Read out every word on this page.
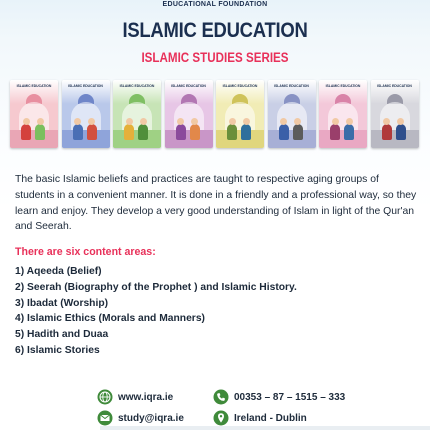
EDUCATIONAL FOUNDATION
ISLAMIC EDUCATION
ISLAMIC STUDIES SERIES
ISLAMIC EDUCATION	ISLAMIC EDUCATION	ISLAMIC EDUCATION	ISLAMIC EDUCATION	ISLAMIC EDUCATION	ISLAMIC EDUCATION	ISLAMIC EDUCATION	ISLAMIC EDUCATION
The basic Islamic beliefs and practices are taught to respective aging groups of students in a convenient manner. It is done in a friendly and a professional way, so they learn and enjoy. They develop a very good understanding of Islam in light of the Qur'an and Seerah.
There are six content areas:
1) Aqeeda (Belief)
2) Seerah (Biography of the Prophet ) and Islamic History.
3) Ibadat (Worship)
4) Islamic Ethics (Morals and Manners)
5) Hadith and Duaa
6) Islamic Stories
www.iqra.ie
study@iqra.ie
00353 – 87 – 1515 – 333
Ireland - Dublin
